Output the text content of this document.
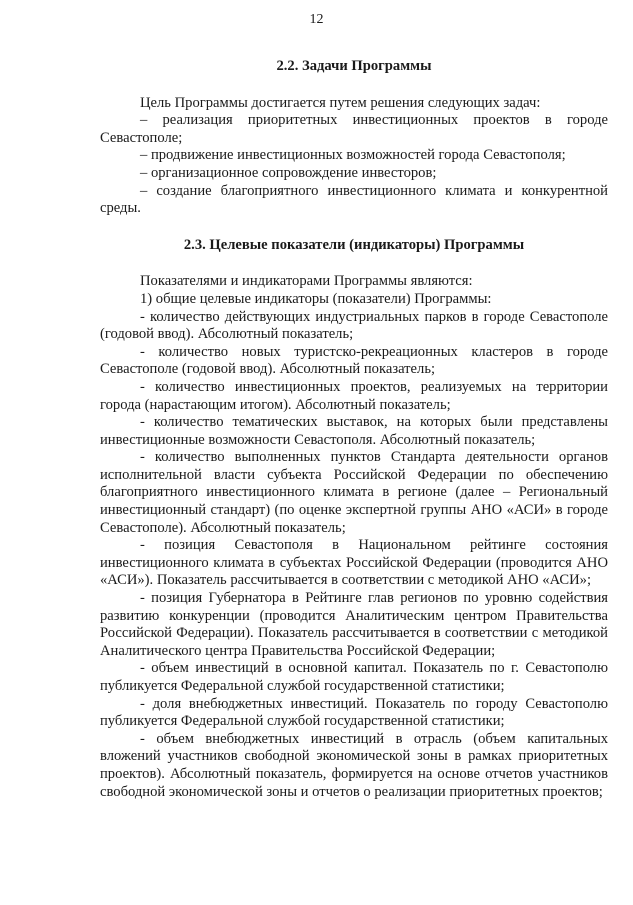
12
2.2. Задачи Программы

Цель Программы достигается путем решения следующих задач:

– реализация приоритетных инвестиционных проектов в городе Севастополе;

– продвижение инвестиционных возможностей города Севастополя;

– организационное сопровождение инвесторов;

– создание благоприятного инвестиционного климата и конкурентной среды.

2.3. Целевые показатели (индикаторы) Программы

Показателями и индикаторами Программы являются:

1) общие целевые индикаторы (показатели) Программы:

- количество действующих индустриальных парков в городе Севастополе (годовой ввод). Абсолютный показатель;

- количество новых туристско-рекреационных кластеров в городе Севастополе (годовой ввод). Абсолютный показатель;

- количество инвестиционных проектов, реализуемых на территории города (нарастающим итогом). Абсолютный показатель;

- количество тематических выставок, на которых были представлены инвестиционные возможности Севастополя. Абсолютный показатель;

- количество выполненных пунктов Стандарта деятельности органов исполнительной власти субъекта Российской Федерации по обеспечению благоприятного инвестиционного климата в регионе (далее – Региональный инвестиционный стандарт) (по оценке экспертной группы АНО «АСИ» в городе Севастополе). Абсолютный показатель;

- позиция Севастополя в Национальном рейтинге состояния инвестиционного климата в субъектах Российской Федерации (проводится АНО «АСИ»). Показатель рассчитывается в соответствии с методикой АНО «АСИ»;

- позиция Губернатора в Рейтинге глав регионов по уровню содействия развитию конкуренции (проводится Аналитическим центром Правительства Российской Федерации). Показатель рассчитывается в соответствии с методикой Аналитического центра Правительства Российской Федерации;

- объем инвестиций в основной капитал. Показатель по г. Севастополю публикуется Федеральной службой государственной статистики;

- доля внебюджетных инвестиций. Показатель по городу Севастополю публикуется Федеральной службой государственной статистики;

- объем внебюджетных инвестиций в отрасль (объем капитальных вложений участников свободной экономической зоны в рамках приоритетных проектов). Абсолютный показатель, формируется на основе отчетов участников свободной экономической зоны и отчетов о реализации приоритетных проектов;
